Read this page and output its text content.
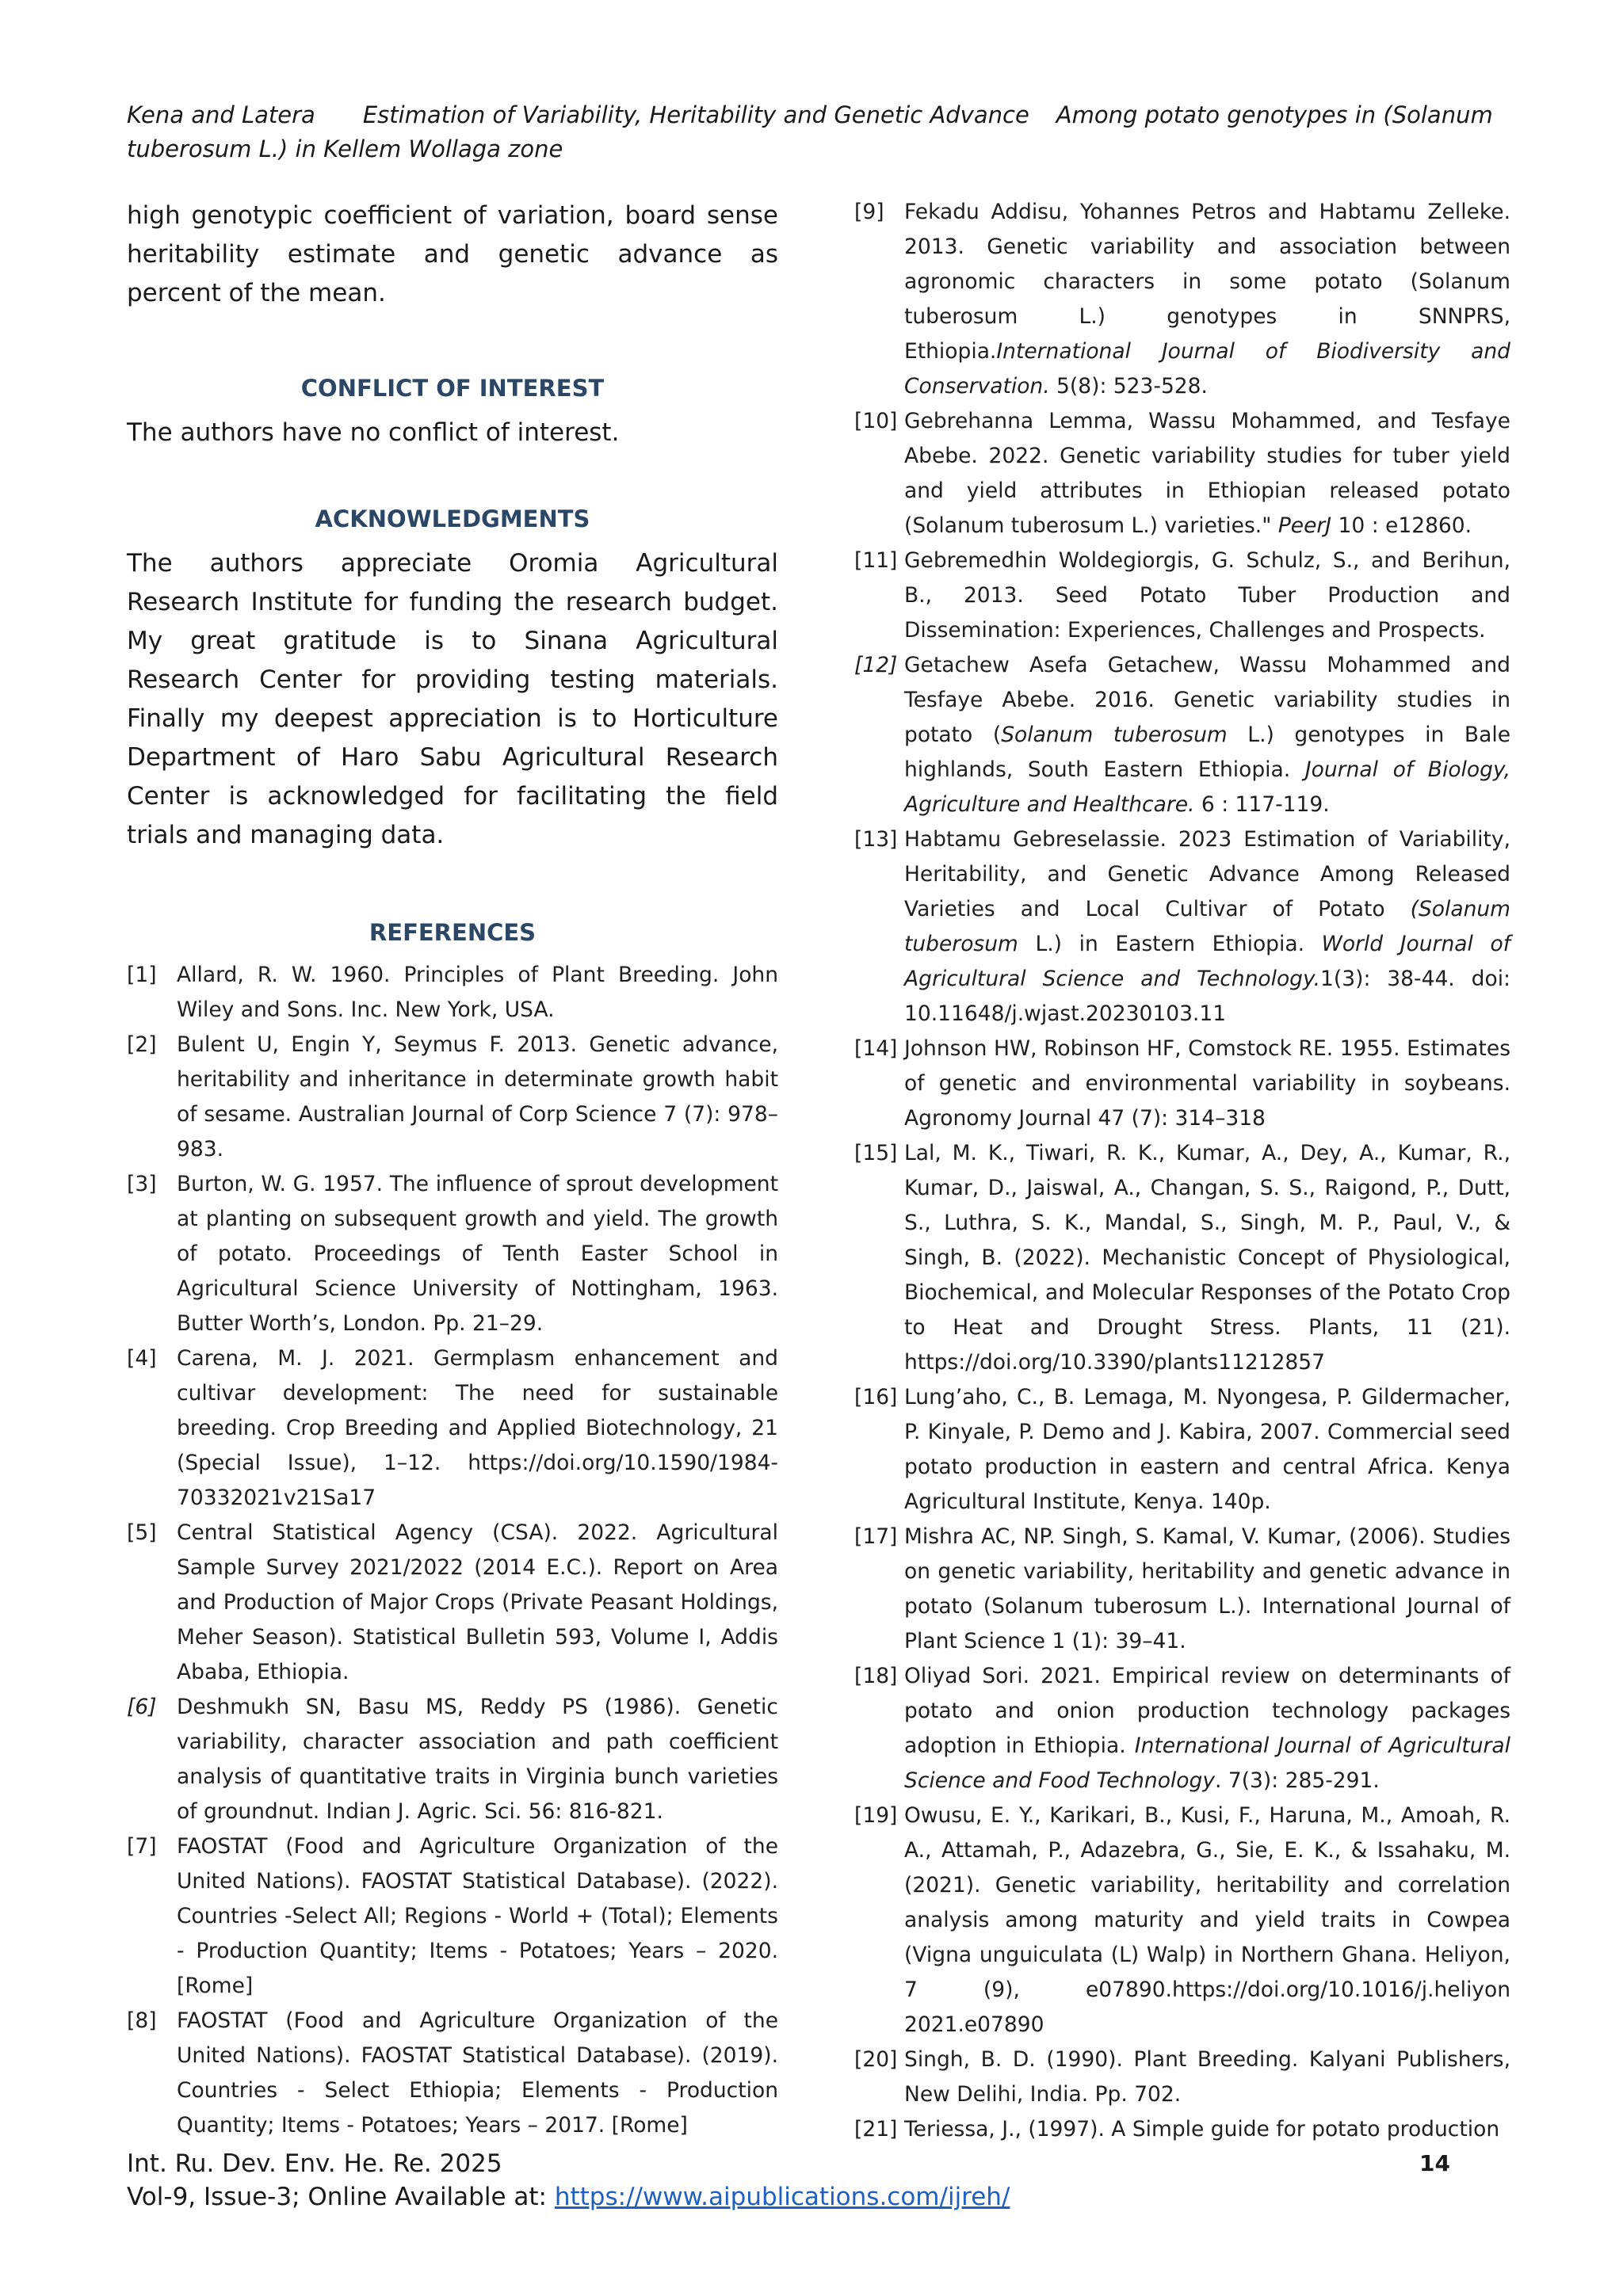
Kena and Latera Estimation of Variability, Heritability and Genetic Advance Among potato genotypes in (Solanum
tuberosum L.) in Kellem Wollaga zone

high genotypic coefficient of variation, board sense heritability estimate and genetic advance as percent of the mean.

CONFLICT OF INTEREST

The authors have no conflict of interest.

ACKNOWLEDGMENTS

The authors appreciate Oromia Agricultural Research Institute for funding the research budget. My great gratitude is to Sinana Agricultural Research Center for providing testing materials. Finally my deepest appreciation is to Horticulture Department of Haro Sabu Agricultural Research Center is acknowledged for facilitating the field trials and managing data.

REFERENCES

[1] Allard, R. W. 1960. Principles of Plant Breeding. John Wiley and Sons. Inc. New York, USA.

[2] Bulent U, Engin Y, Seymus F. 2013. Genetic advance, heritability and inheritance in determinate growth habit of sesame. Australian Journal of Corp Science 7 (7): 978–983.

[3] Burton, W. G. 1957. The influence of sprout development at planting on subsequent growth and yield. The growth of potato. Proceedings of Tenth Easter School in Agricultural Science University of Nottingham, 1963. Butter Worth’s, London. Pp. 21–29.

[4] Carena, M. J. 2021. Germplasm enhancement and cultivar development: The need for sustainable breeding. Crop Breeding and Applied Biotechnology, 21 (Special Issue), 1–12. https://doi.org/10.1590/1984-70332021v21Sa17

[5] Central Statistical Agency (CSA). 2022. Agricultural Sample Survey 2021/2022 (2014 E.C.). Report on Area and Production of Major Crops (Private Peasant Holdings, Meher Season). Statistical Bulletin 593, Volume I, Addis Ababa, Ethiopia.

[6] Deshmukh SN, Basu MS, Reddy PS (1986). Genetic variability, character association and path coefficient analysis of quantitative traits in Virginia bunch varieties of groundnut. Indian J. Agric. Sci. 56: 816-821.

[7] FAOSTAT (Food and Agriculture Organization of the United Nations). FAOSTAT Statistical Database). (2022). Countries -Select All; Regions - World + (Total); Elements - Production Quantity; Items - Potatoes; Years – 2020. [Rome]

[8] FAOSTAT (Food and Agriculture Organization of the United Nations). FAOSTAT Statistical Database). (2019). Countries - Select Ethiopia; Elements - Production Quantity; Items - Potatoes; Years – 2017. [Rome]

[9] Fekadu Addisu, Yohannes Petros and Habtamu Zelleke. 2013. Genetic variability and association between agronomic characters in some potato (Solanum tuberosum L.) genotypes in SNNPRS, Ethiopia.International Journal of Biodiversity and Conservation. 5(8): 523-528.

[10] Gebrehanna Lemma, Wassu Mohammed, and Tesfaye Abebe. 2022. Genetic variability studies for tuber yield and yield attributes in Ethiopian released potato (Solanum tuberosum L.) varieties." PeerJ 10 : e12860.

[11] Gebremedhin Woldegiorgis, G. Schulz, S., and Berihun, B., 2013. Seed Potato Tuber Production and Dissemination: Experiences, Challenges and Prospects.

[12] Getachew Asefa Getachew, Wassu Mohammed and Tesfaye Abebe. 2016. Genetic variability studies in potato (Solanum tuberosum L.) genotypes in Bale highlands, South Eastern Ethiopia. Journal of Biology, Agriculture and Healthcare. 6 : 117-119.

[13] Habtamu Gebreselassie. 2023 Estimation of Variability, Heritability, and Genetic Advance Among Released Varieties and Local Cultivar of Potato (Solanum tuberosum L.) in Eastern Ethiopia. World Journal of Agricultural Science and Technology.1(3): 38-44. doi: 10.11648/j.wjast.20230103.11

[14] Johnson HW, Robinson HF, Comstock RE. 1955. Estimates of genetic and environmental variability in soybeans. Agronomy Journal 47 (7): 314–318

[15] Lal, M. K., Tiwari, R. K., Kumar, A., Dey, A., Kumar, R., Kumar, D., Jaiswal, A., Changan, S. S., Raigond, P., Dutt, S., Luthra, S. K., Mandal, S., Singh, M. P., Paul, V., & Singh, B. (2022). Mechanistic Concept of Physiological, Biochemical, and Molecular Responses of the Potato Crop to Heat and Drought Stress. Plants, 11 (21). https://doi.org/10.3390/plants11212857

[16] Lung’aho, C., B. Lemaga, M. Nyongesa, P. Gildermacher, P. Kinyale, P. Demo and J. Kabira, 2007. Commercial seed potato production in eastern and central Africa. Kenya Agricultural Institute, Kenya. 140p.

[17] Mishra AC, NP. Singh, S. Kamal, V. Kumar, (2006). Studies on genetic variability, heritability and genetic advance in potato (Solanum tuberosum L.). International Journal of Plant Science 1 (1): 39–41.

[18] Oliyad Sori. 2021. Empirical review on determinants of potato and onion production technology packages adoption in Ethiopia. International Journal of Agricultural Science and Food Technology. 7(3): 285-291.

[19] Owusu, E. Y., Karikari, B., Kusi, F., Haruna, M., Amoah, R. A., Attamah, P., Adazebra, G., Sie, E. K., & Issahaku, M. (2021). Genetic variability, heritability and correlation analysis among maturity and yield traits in Cowpea (Vigna unguiculata (L) Walp) in Northern Ghana. Heliyon, 7 (9), e07890.https://doi.org/10.1016/j.heliyon 2021.e07890

[20] Singh, B. D. (1990). Plant Breeding. Kalyani Publishers, New Delihi, India. Pp. 702.

[21] Teriessa, J., (1997). A Simple guide for potato production

Int. Ru. Dev. Env. He. Re. 2025
Vol-9, Issue-3; Online Available at: https://www.aipublications.com/ijreh/
14
